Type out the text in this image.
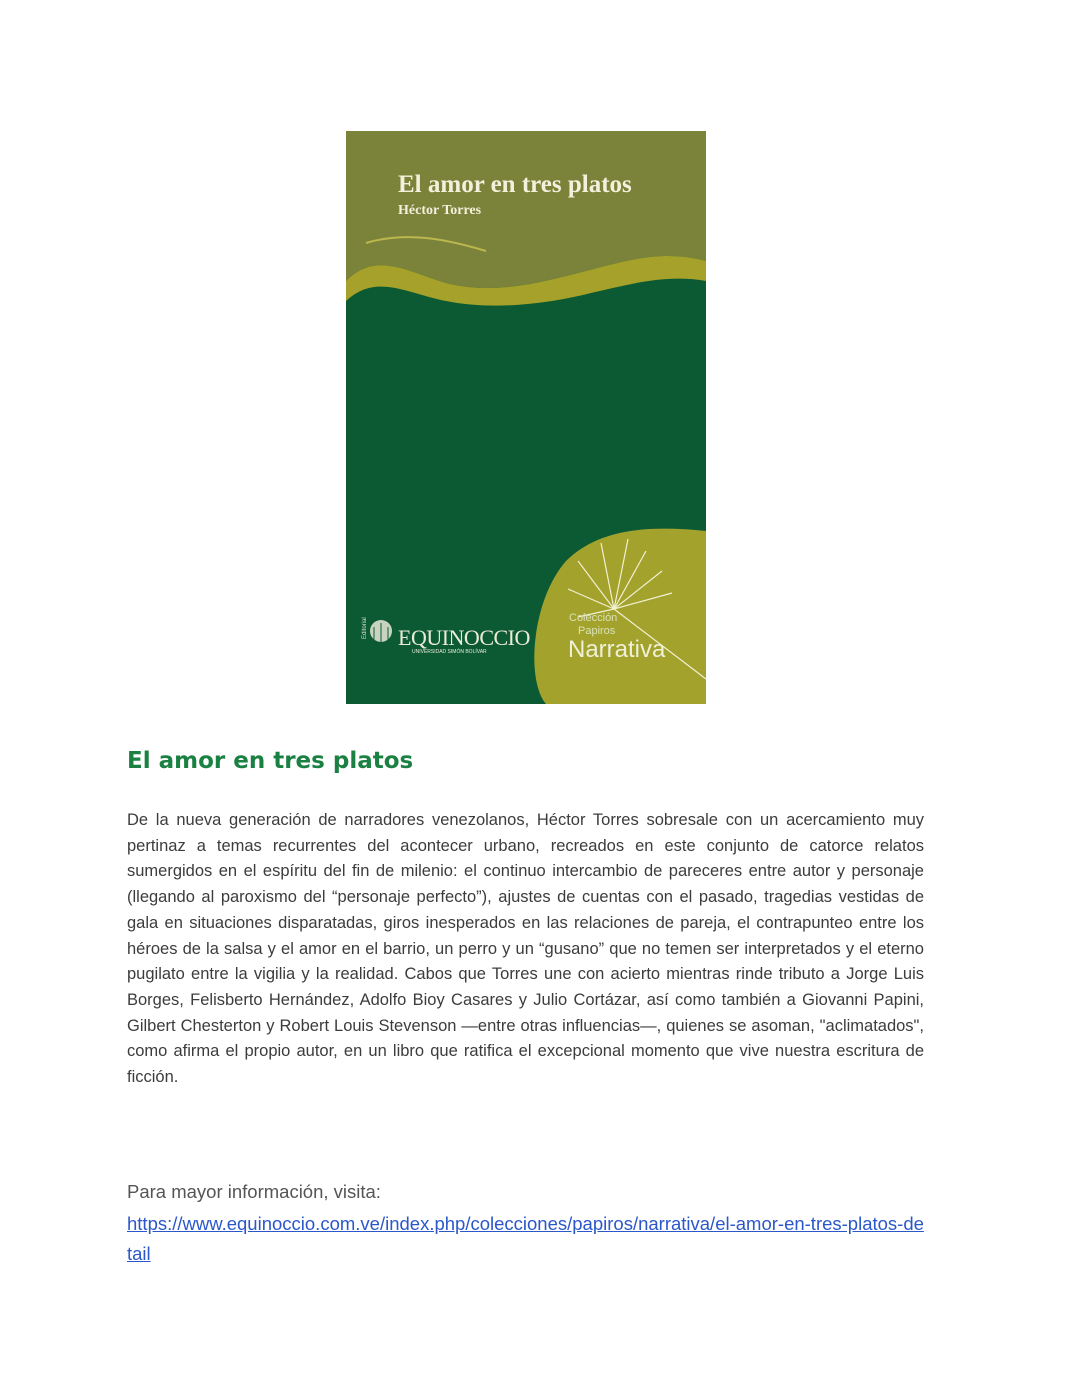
El amor en tres platos
Héctor Torres
Editorial EQUINOCCIO
UNIVERSIDAD SIMÓN BOLÍVAR
Colección
Papiros
Narrativa
El amor en tres platos

De la nueva generación de narradores venezolanos, Héctor Torres sobresale con un acercamiento muy pertinaz a temas recurrentes del acontecer urbano, recreados en este conjunto de catorce relatos sumergidos en el espíritu del fin de milenio: el continuo intercambio de pareceres entre autor y personaje (llegando al paroxismo del “personaje perfecto”), ajustes de cuentas con el pasado, tragedias vestidas de gala en situaciones disparatadas, giros inesperados en las relaciones de pareja, el contrapunteo entre los héroes de la salsa y el amor en el barrio, un perro y un “gusano” que no temen ser interpretados y el eterno pugilato entre la vigilia y la realidad. Cabos que Torres une con acierto mientras rinde tributo a Jorge Luis Borges, Felisberto Hernández, Adolfo Bioy Casares y Julio Cortázar, así como también a Giovanni Papini, Gilbert Chesterton y Robert Louis Stevenson —entre otras influencias—, quienes se asoman, "aclimatados", como afirma el propio autor, en un libro que ratifica el excepcional momento que vive nuestra escritura de ficción.

Para mayor información, visita:

https://www.equinoccio.com.ve/index.php/colecciones/papiros/narrativa/el-amor-en-tres-platos-detail
